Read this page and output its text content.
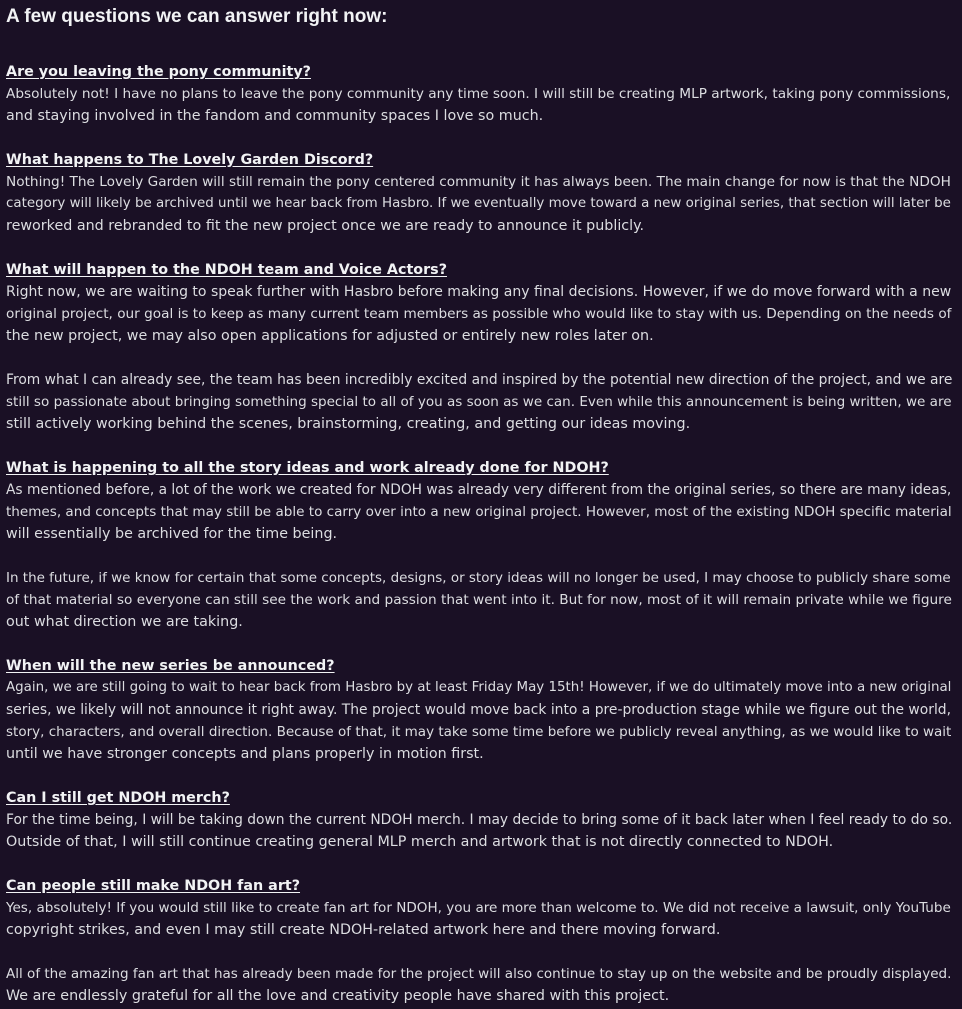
A few questions we can answer right now:
Are you leaving the pony community?
Absolutely not! I have no plans to leave the pony community any time soon. I will still be creating MLP artwork, taking pony commissions,
and staying involved in the fandom and community spaces I love so much.
What happens to The Lovely Garden Discord?
Nothing! The Lovely Garden will still remain the pony centered community it has always been. The main change for now is that the NDOH
category will likely be archived until we hear back from Hasbro. If we eventually move toward a new original series, that section will later be
reworked and rebranded to fit the new project once we are ready to announce it publicly.
What will happen to the NDOH team and Voice Actors?
Right now, we are waiting to speak further with Hasbro before making any final decisions. However, if we do move forward with a new
original project, our goal is to keep as many current team members as possible who would like to stay with us. Depending on the needs of
the new project, we may also open applications for adjusted or entirely new roles later on.
From what I can already see, the team has been incredibly excited and inspired by the potential new direction of the project, and we are
still so passionate about bringing something special to all of you as soon as we can. Even while this announcement is being written, we are
still actively working behind the scenes, brainstorming, creating, and getting our ideas moving.
What is happening to all the story ideas and work already done for NDOH?
As mentioned before, a lot of the work we created for NDOH was already very different from the original series, so there are many ideas,
themes, and concepts that may still be able to carry over into a new original project. However, most of the existing NDOH specific material
will essentially be archived for the time being.
In the future, if we know for certain that some concepts, designs, or story ideas will no longer be used, I may choose to publicly share some
of that material so everyone can still see the work and passion that went into it. But for now, most of it will remain private while we figure
out what direction we are taking.
When will the new series be announced?
Again, we are still going to wait to hear back from Hasbro by at least Friday May 15th! However, if we do ultimately move into a new original
series, we likely will not announce it right away. The project would move back into a pre-production stage while we figure out the world,
story, characters, and overall direction. Because of that, it may take some time before we publicly reveal anything, as we would like to wait
until we have stronger concepts and plans properly in motion first.
Can I still get NDOH merch?
For the time being, I will be taking down the current NDOH merch. I may decide to bring some of it back later when I feel ready to do so.
Outside of that, I will still continue creating general MLP merch and artwork that is not directly connected to NDOH.
Can people still make NDOH fan art?
Yes, absolutely! If you would still like to create fan art for NDOH, you are more than welcome to. We did not receive a lawsuit, only YouTube
copyright strikes, and even I may still create NDOH-related artwork here and there moving forward.
All of the amazing fan art that has already been made for the project will also continue to stay up on the website and be proudly displayed.
We are endlessly grateful for all the love and creativity people have shared with this project.
